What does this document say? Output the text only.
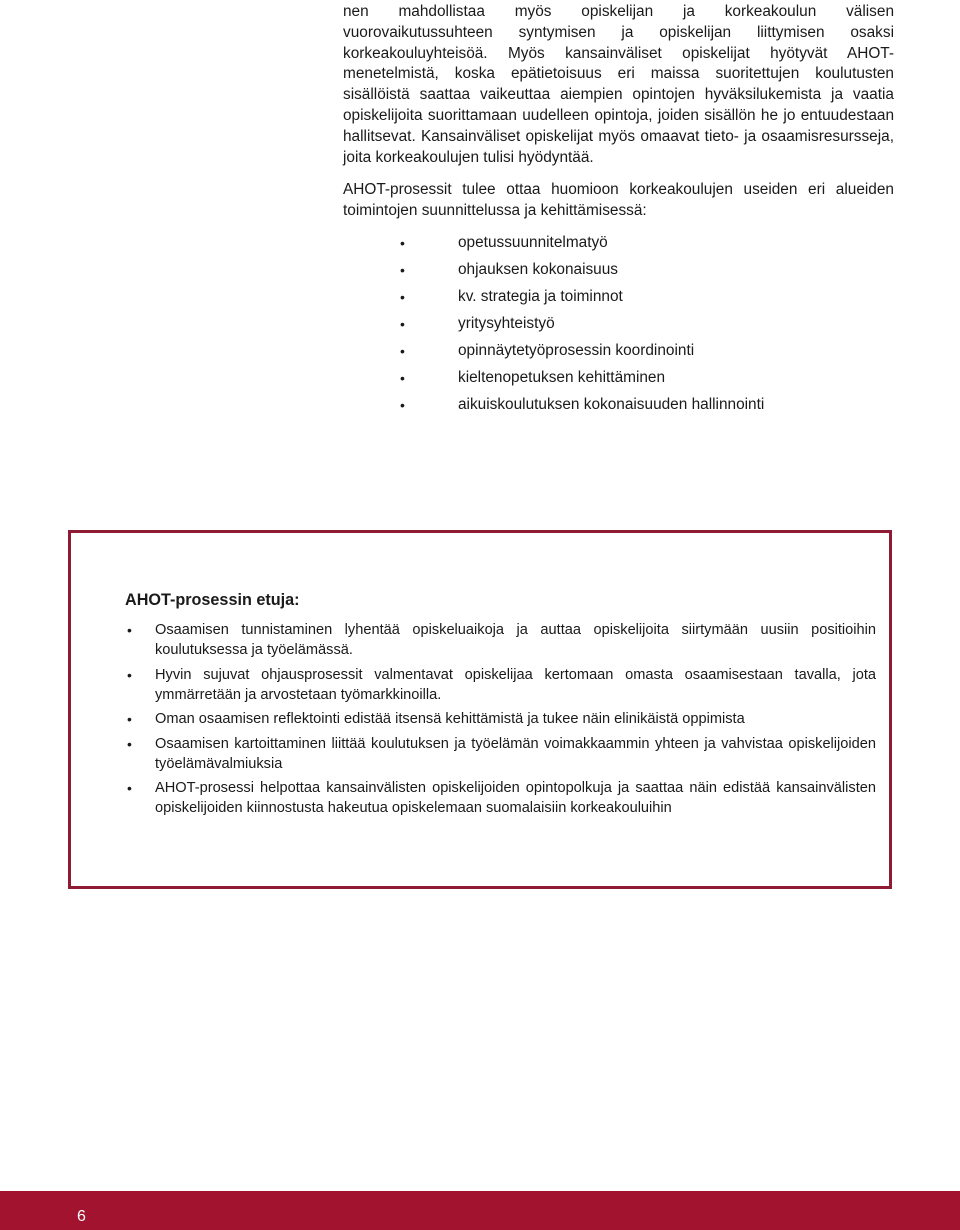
nen mahdollistaa myös opiskelijan ja korkeakoulun välisen vuorovaikutussuhteen syntymisen ja opiskelijan liittymisen osaksi korkeakouluyhteisöä. Myös kansainväliset opiskelijat hyötyvät AHOT-menetelmistä, koska epätietoisuus eri maissa suoritettujen koulutusten sisällöistä saattaa vaikeuttaa aiempien opintojen hyväksilukemista ja vaatia opiskelijoita suorittamaan uudelleen opintoja, joiden sisällön he jo entuudestaan hallitsevat. Kansainväliset opiskelijat myös omaavat tieto- ja osaamisresursseja, joita korkeakoulujen tulisi hyödyntää.

AHOT-prosessit tulee ottaa huomioon korkeakoulujen useiden eri alueiden toimintojen suunnittelussa ja kehittämisessä:

•	opetussuunnitelmatyö
•	ohjauksen kokonaisuus
•	kv. strategia ja toiminnot
•	yritysyhteistyö
•	opinnäytetyöprosessin koordinointi
•	kieltenopetuksen kehittäminen
•	aikuiskoulutuksen kokonaisuuden hallinnointi
AHOT-prosessin etuja:
• Osaamisen tunnistaminen lyhentää opiskeluaikoja ja auttaa opiskelijoita siirtymään uusiin positioihin koulutuksessa ja työelämässä.
• Hyvin sujuvat ohjausprosessit valmentavat opiskelijaa kertomaan omasta osaamisestaan tavalla, jota ymmärretään ja arvostetaan työmarkkinoilla.
• Oman osaamisen reflektointi edistää itsensä kehittämistä ja tukee näin elinikäistä oppimista
• Osaamisen kartoittaminen liittää koulutuksen ja työelämän voimakkaammin yhteen ja vahvistaa opiskelijoiden työelämävalmiuksia
• AHOT-prosessi helpottaa kansainvälisten opiskelijoiden opintopolkuja ja saattaa näin edistää kansainvälisten opiskelijoiden kiinnostusta hakeutua opiskelemaan suomalaisiin korkeakouluihin
6
